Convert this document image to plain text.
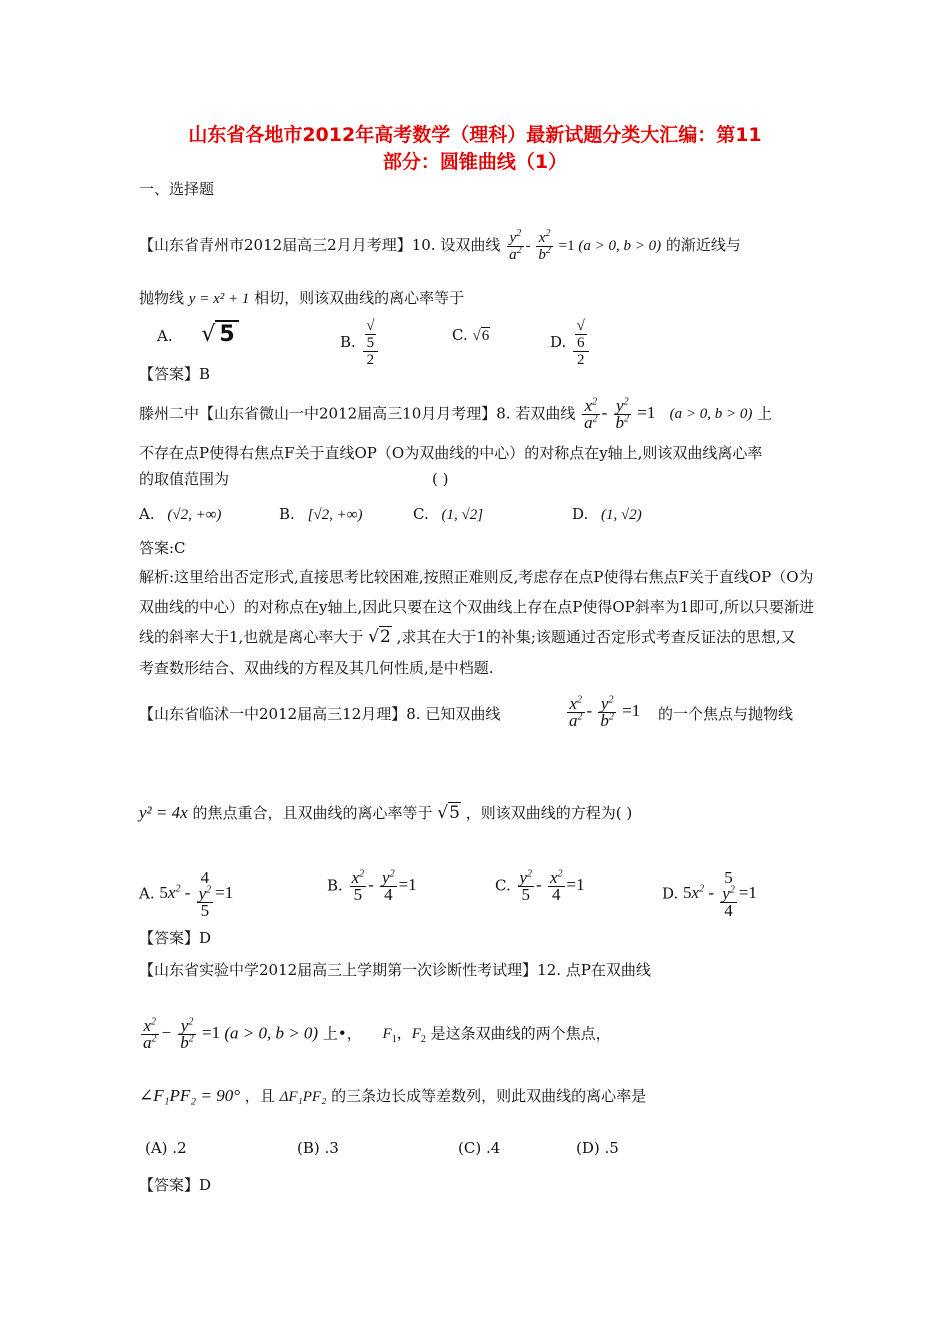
山东省各地市2012年高考数学（理科）最新试题分类大汇编：第11
部分：圆锥曲线（1）
一、选择题
【山东省青州市2012届高三2月月考理】10. 设双曲线 $\frac{y^2}{a^2} - \frac{x^2}{b^2} =1$ (a > 0, b > 0) 的渐近线与
抛物线 y = x² + 1 相切，则该双曲线的离心率等于
A. √ 5	B. √
5
2	C. √6	D. √
6
2
【答案】B
滕州二中【山东省微山一中2012届高三10月月考理】8. 若双曲线 $\frac{x^2}{a^2} - \frac{y^2}{b^2} =1$ (a > 0, b > 0) 上
不存在点P使得右焦点F关于直线OP（O为双曲线的中心）的对称点在y轴上,则该双曲线离心率
的取值范围为	( )
A. (√2, +∞)	B. [√2, +∞)	C. (1, √2]	D. (1, √2)
答案:C
解析:这里给出否定形式,直接思考比较困难,按照正难则反,考虑存在点P使得右焦点F关于直线OP（O为
双曲线的中心）的对称点在y轴上,因此只要在这个双曲线上存在点P使得OP斜率为1即可,所以只要渐进
线的斜率大于1,也就是离心率大于 √2 ,求其在大于1的补集;该题通过否定形式考查反证法的思想,又
考查数形结合、双曲线的方程及其几何性质,是中档题.
【山东省临沭一中2012届高三12月理】8. 已知双曲线	$\frac{x^2}{a^2} - \frac{y^2}{b^2} =1$ 的一个焦点与抛物线
y² = 4x 的焦点重合，且双曲线的离心率等于 √5 ，则该双曲线的方程为( )
A. $5x^2 - 4$
$y^2$
5 =1	B. $\frac{x^2}{5} - \frac{y^2}{4} =1$	C. $\frac{y^2}{5} - \frac{x^2}{4} =1$	D. $5x^2 - 5$
$y^2$
4 =1
【答案】D
【山东省实验中学2012届高三上学期第一次诊断性考试理】12. 点P在双曲线
$\frac{x^2}{a^2} - \frac{y^2}{b^2} =1$ (a > 0, b > 0) 上•， $F_1$，$F_2$ 是这条双曲线的两个焦点，
∠F₁PF₂ = 90° ，且 ΔF₁PF₂ 的三条边长成等差数列，则此双曲线的离心率是
(A) .2	(B) .3	(C) .4	(D) .5
【答案】D
